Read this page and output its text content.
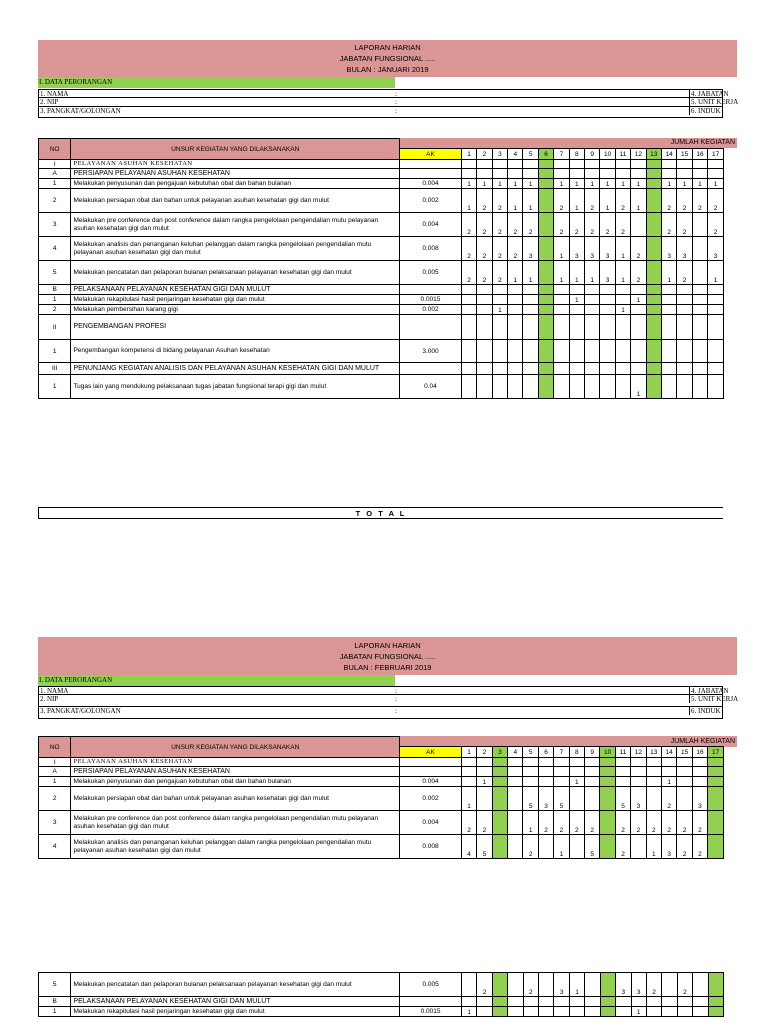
LAPORAN HARIAN
JABATAN FUNGSIONAL .....
BULAN : JANUARI 2019
I. DATA PERORANGAN
1. NAMA	:	4. JABATAN
2. NIP	:	5. UNIT KERJA
3. PANGKAT/GOLONGAN	:	6. INDUK
JUMLAH KEGIATAN
NO	UNSUR KEGIATAN YANG DILAKSANAKAN																		
		AK	1	2	3	4	5	6	7	8	9	10	11	12	13	14	15	16	17
I	PELAYANAN ASUHAN KESEHATAN																		
A	PERSIAPAN PELAYANAN ASUHAN KESEHATAN																		
1	Melakukan penyusunan dan pengajuan kebutuhan obat dan bahan bulanan	0.004	1	1	1	1	1		1	1	1	1	1	1		1	1	1	1
2	Melakukan persiapan obat dan bahan untuk pelayanan asuhan kesehatan gigi dan mulut	0.002	1	2	2	1	1		2	1	2	1	2	1		2	2	2	2
3	Melakukan pre conference dan post conference dalam rangka pengelolaan pengendalian mutu pelayanan asuhan kesehatan gigi dan mulut	0.004	2	2	2	2	2		2	2	2	2	2			2	2		2
4	Melakukan analisis dan penanganan keluhan pelanggan dalam rangka pengelolaan pengendalian mutu pelayanan asuhan kesehatan gigi dan mulut	0.008	2	2	2	2	3		1	3	3	3	1	2		3	3		3
5	Melakukan pencatatan dan pelaporan bulanan pelaksanaan pelayanan kesehatan gigi dan mulut	0.005	2	2	2	1	1		1	1	1	3	1	2		1	2		1
B	PELAKSANAAN PELAYANAN KESEHATAN GIGI DAN MULUT																		
1	Melakukan rekapitulasi hasil penjaringan kesehatan gigi dan mulut	0.0015								1				1					
2	Melakukan pembersihan karang gigi	0.002			1								1						
II	PENGEMBANGAN PROFESI																		
1	Pengembangan kompetensi di bidang pelayanan Asuhan kesehatan	3.000																	
III	PENUNJANG KEGIATAN ANALISIS DAN PELAYANAN ASUHAN KESEHATAN GIGI DAN MULUT																		
1	Tugas lain yang mendukung pelaksanaan tugas jabatan fungsional terapi gigi dan mulut	0.04												1					
T O T A L
LAPORAN HARIAN
JABATAN FUNGSIONAL .....
BULAN : FEBRUARI 2019
I. DATA PERORANGAN
1. NAMA	:	4. JABATAN
2. NIP	:	5. UNIT KERJA
3. PANGKAT/GOLONGAN	:	6. INDUK
JUMLAH KEGIATAN
NO	UNSUR KEGIATAN YANG DILAKSANAKAN																		
		AK	1	2	3	4	5	6	7	8	9	10	11	12	13	14	15	16	17
I	PELAYANAN ASUHAN KESEHATAN																		
A	PERSIAPAN PELAYANAN ASUHAN KESEHATAN																		
1	Melakukan penyusunan dan pengajuan kebutuhan obat dan bahan bulanan	0.004		1						1						1			
2	Melakukan persiapan obat dan bahan untuk pelayanan asuhan kesehatan gigi dan mulut	0.002	1				5	3	5				5	3		2		3	
3	Melakukan pre conference dan post conference dalam rangka pengelolaan pengendalian mutu pelayanan asuhan kesehatan gigi dan mulut	0.004	2	2			1	2	2	2	2		2	2	2	2	2	2	
4	Melakukan analisis dan penanganan keluhan pelanggan dalam rangka pengelolaan pengendalian mutu pelayanan asuhan kesehatan gigi dan mulut	0.008	4	5			2		1		5		2		1	3	2	2	
5	Melakukan pencatatan dan pelaporan bulanan pelaksanaan pelayanan kesehatan gigi dan mulut	0.005		2			2		3	1			3	3	2		2		
B	PELAKSANAAN PELAYANAN KESEHATAN GIGI DAN MULUT																		
1	Melakukan rekapitulasi hasil penjaringan kesehatan gigi dan mulut	0.0015	1											1					
